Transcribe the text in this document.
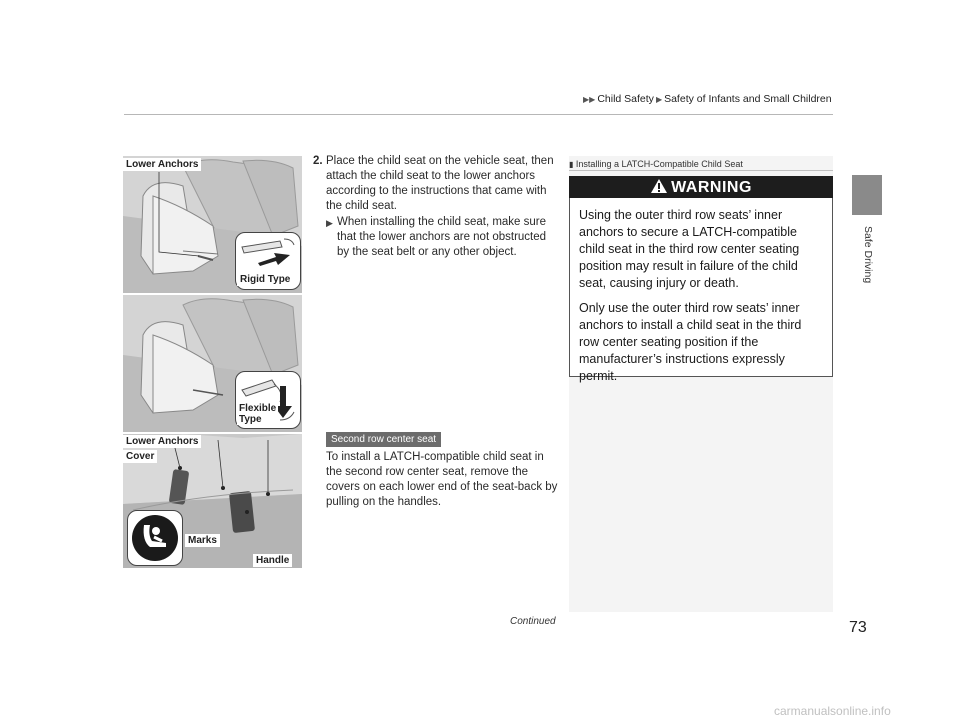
▶▶ Child Safety ▶ Safety of Infants and Small Children
Safe Driving
Lower Anchors
Rigid Type
Flexible
Type
Lower Anchors
Cover
Marks
Handle
2. Place the child seat on the vehicle seat, then attach the child seat to the lower anchors according to the instructions that came with the child seat.
▶ When installing the child seat, make sure that the lower anchors are not obstructed by the seat belt or any other object.
Second row center seat
To install a LATCH-compatible child seat in the second row center seat, remove the covers on each lower end of the seat-back by pulling on the handles.
▮ Installing a LATCH-Compatible Child Seat
WARNING

Using the outer third row seats’ inner anchors to secure a LATCH-compatible child seat in the third row center seating position may result in failure of the child seat, causing injury or death.

Only use the outer third row seats’ inner anchors to install a child seat in the third row center seating position if the manufacturer’s instructions expressly permit.

Continued	73
carmanualsonline.info
